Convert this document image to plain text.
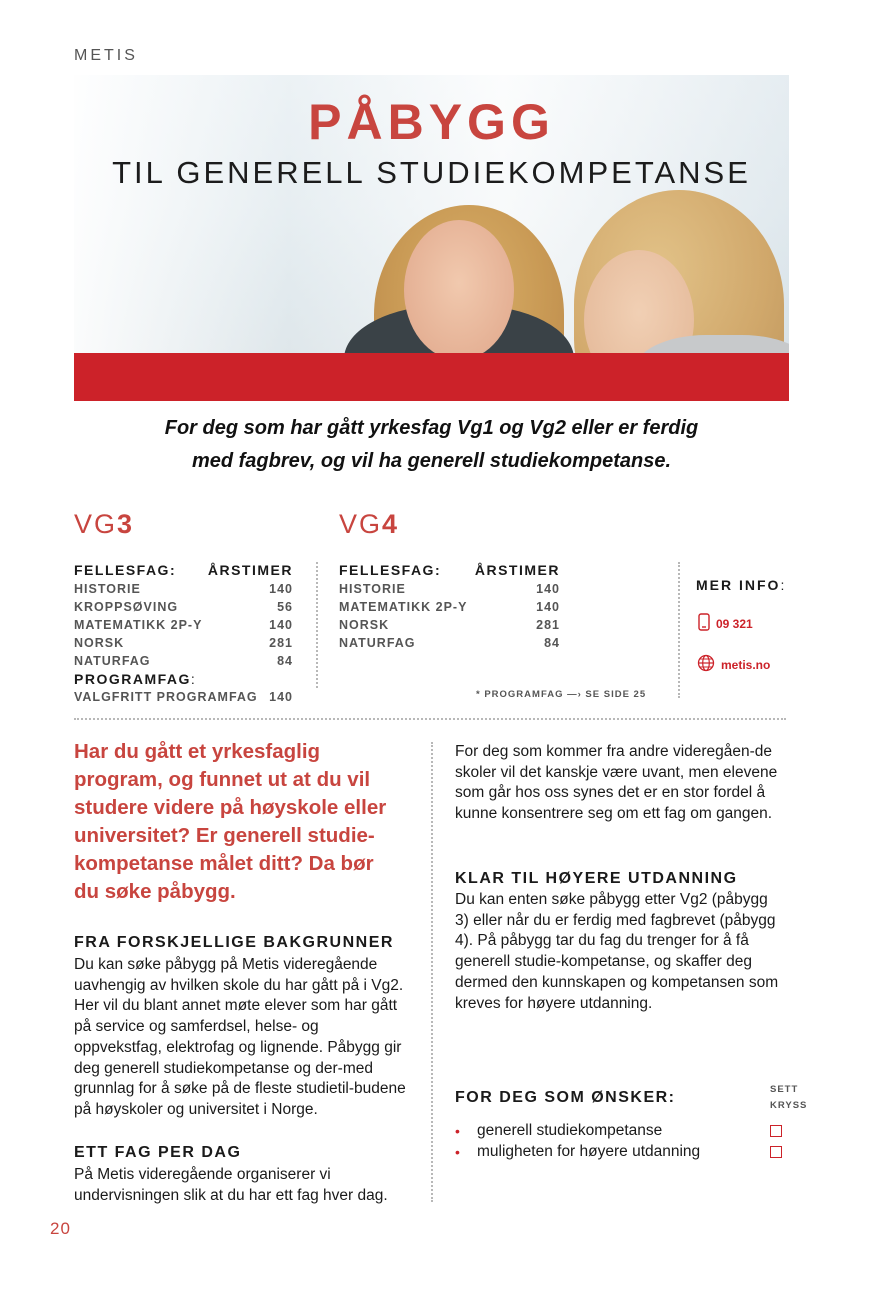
METIS
PÅBYGG
TIL GENERELL STUDIEKOMPETANSE
For deg som har gått yrkesfag Vg1 og Vg2 eller er ferdig
med fagbrev, og vil ha generell studiekompetanse.
VG3
FELLESFAG: ÅRSTIMER
HISTORIE	140
KROPPSØVING	56
MATEMATIKK 2P-Y	140
NORSK	281
NATURFAG	84
PROGRAMFAG:
VALGFRITT PROGRAMFAG 140
VG4
FELLESFAG: ÅRSTIMER
HISTORIE	140
MATEMATIKK 2P-Y	140
NORSK	281
NATURFAG	84
* PROGRAMFAG —› SE SIDE 25
MER INFO:
09 321
metis.no
Har du gått et yrkesfaglig program, og funnet ut at du vil studere videre på høyskole eller universitet? Er generell studie-kompetanse målet ditt? Da bør du søke påbygg.
FRA FORSKJELLIGE BAKGRUNNER
Du kan søke påbygg på Metis videregående uavhengig av hvilken skole du har gått på i Vg2. Her vil du blant annet møte elever som har gått på service og samferdsel, helse- og oppvekstfag, elektrofag og lignende. Påbygg gir deg generell studiekompetanse og der-med grunnlag for å søke på de fleste studietil-budene på høyskoler og universitet i Norge.
ETT FAG PER DAG
På Metis videregående organiserer vi undervisningen slik at du har ett fag hver dag.
For deg som kommer fra andre videregåen-de skoler vil det kanskje være uvant, men elevene som går hos oss synes det er en stor fordel å kunne konsentrere seg om ett fag om gangen.
KLAR TIL HØYERE UTDANNING
Du kan enten søke påbygg etter Vg2 (påbygg 3) eller når du er ferdig med fagbrevet (påbygg 4). På påbygg tar du fag du trenger for å få generell studie-kompetanse, og skaffer deg dermed den kunnskapen og kompetansen som kreves for høyere utdanning.
FOR DEG SOM ØNSKER:	SETT
KRYSS
•	generell studiekompetanse
•	muligheten for høyere utdanning
20
